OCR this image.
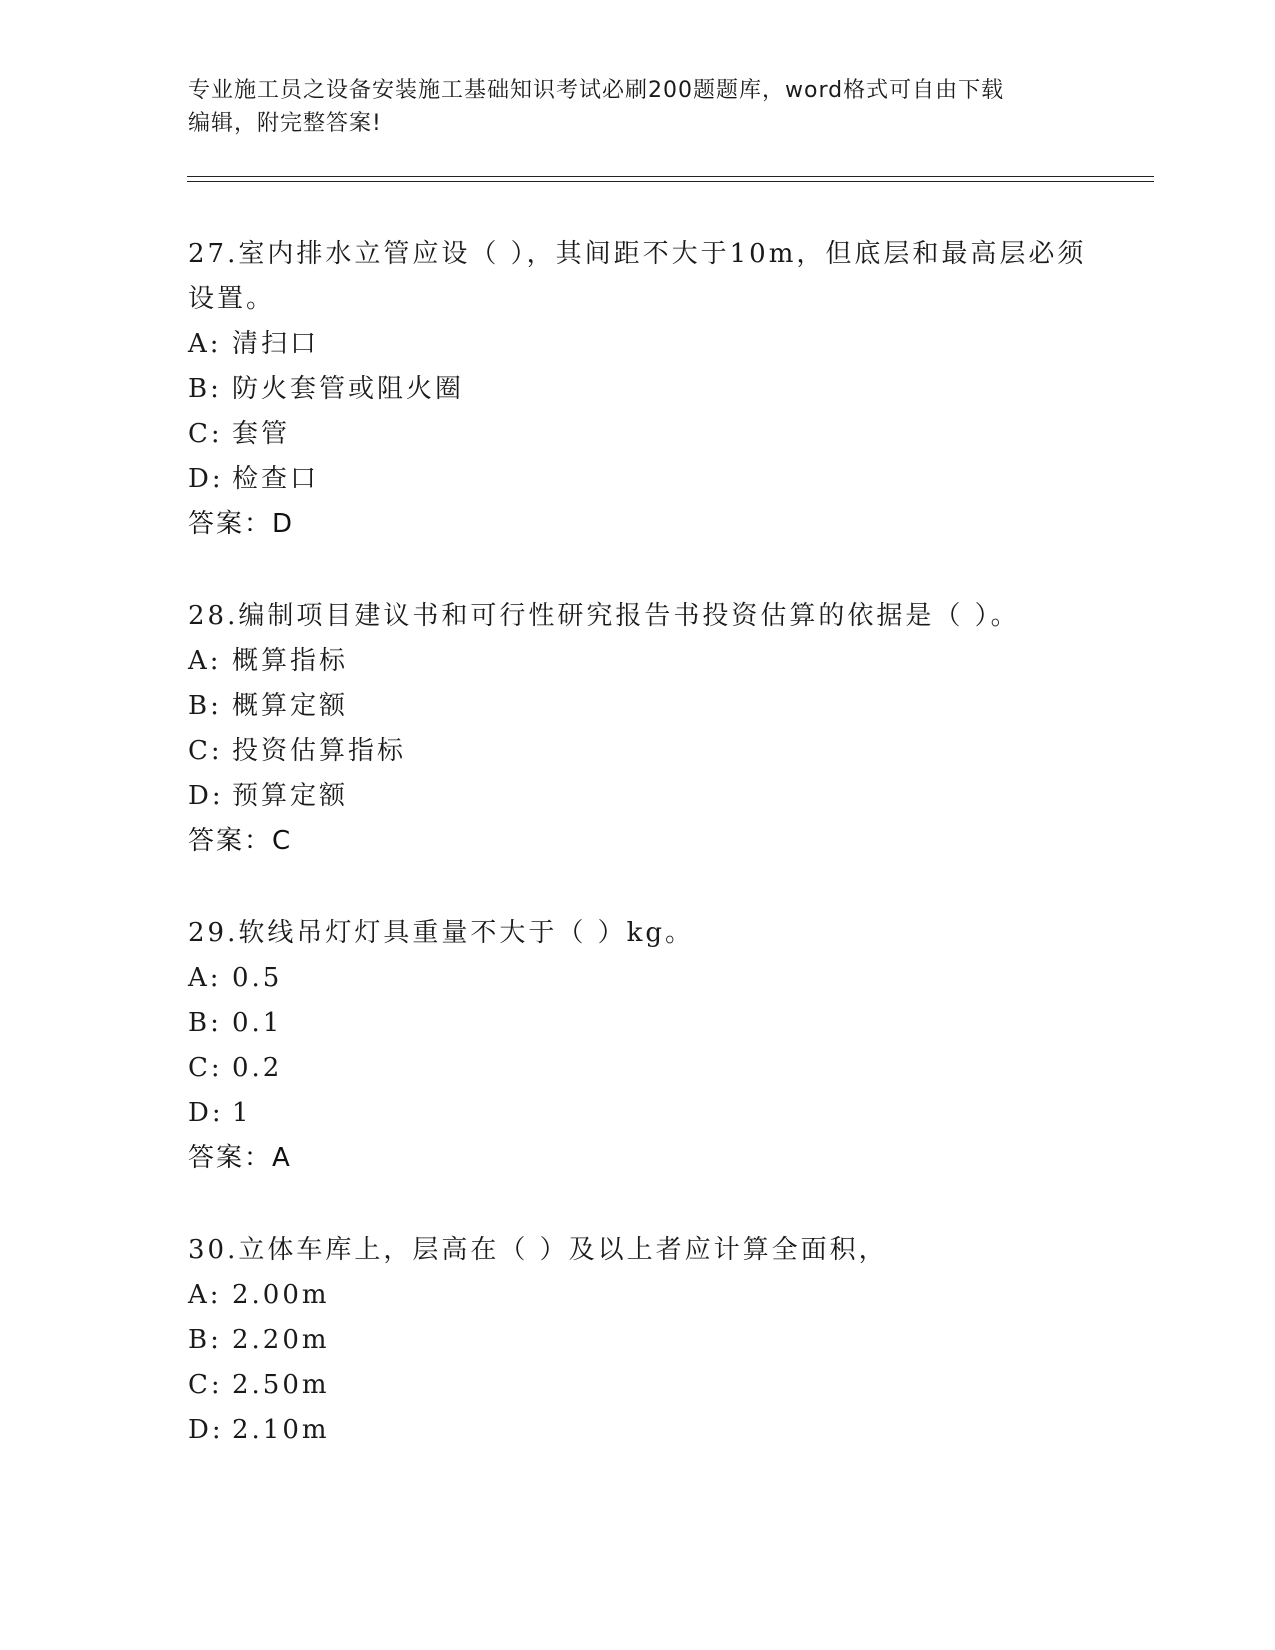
专业施工员之设备安装施工基础知识考试必刷200题题库，word格式可自由下载
编辑，附完整答案!

27.室内排水立管应设（ ），其间距不大于10m，但底层和最高层必须

设置。

A: 清扫口

B: 防火套管或阻火圈

C: 套管

D: 检查口

答案：D

28.编制项目建议书和可行性研究报告书投资估算的依据是（ ）。

A: 概算指标

B: 概算定额

C: 投资估算指标

D: 预算定额

答案：C

29.软线吊灯灯具重量不大于（ ）kg。

A: 0.5

B: 0.1

C: 0.2

D: 1

答案：A

30.立体车库上，层高在（ ）及以上者应计算全面积，

A: 2.00m

B: 2.20m

C: 2.50m

D: 2.10m
